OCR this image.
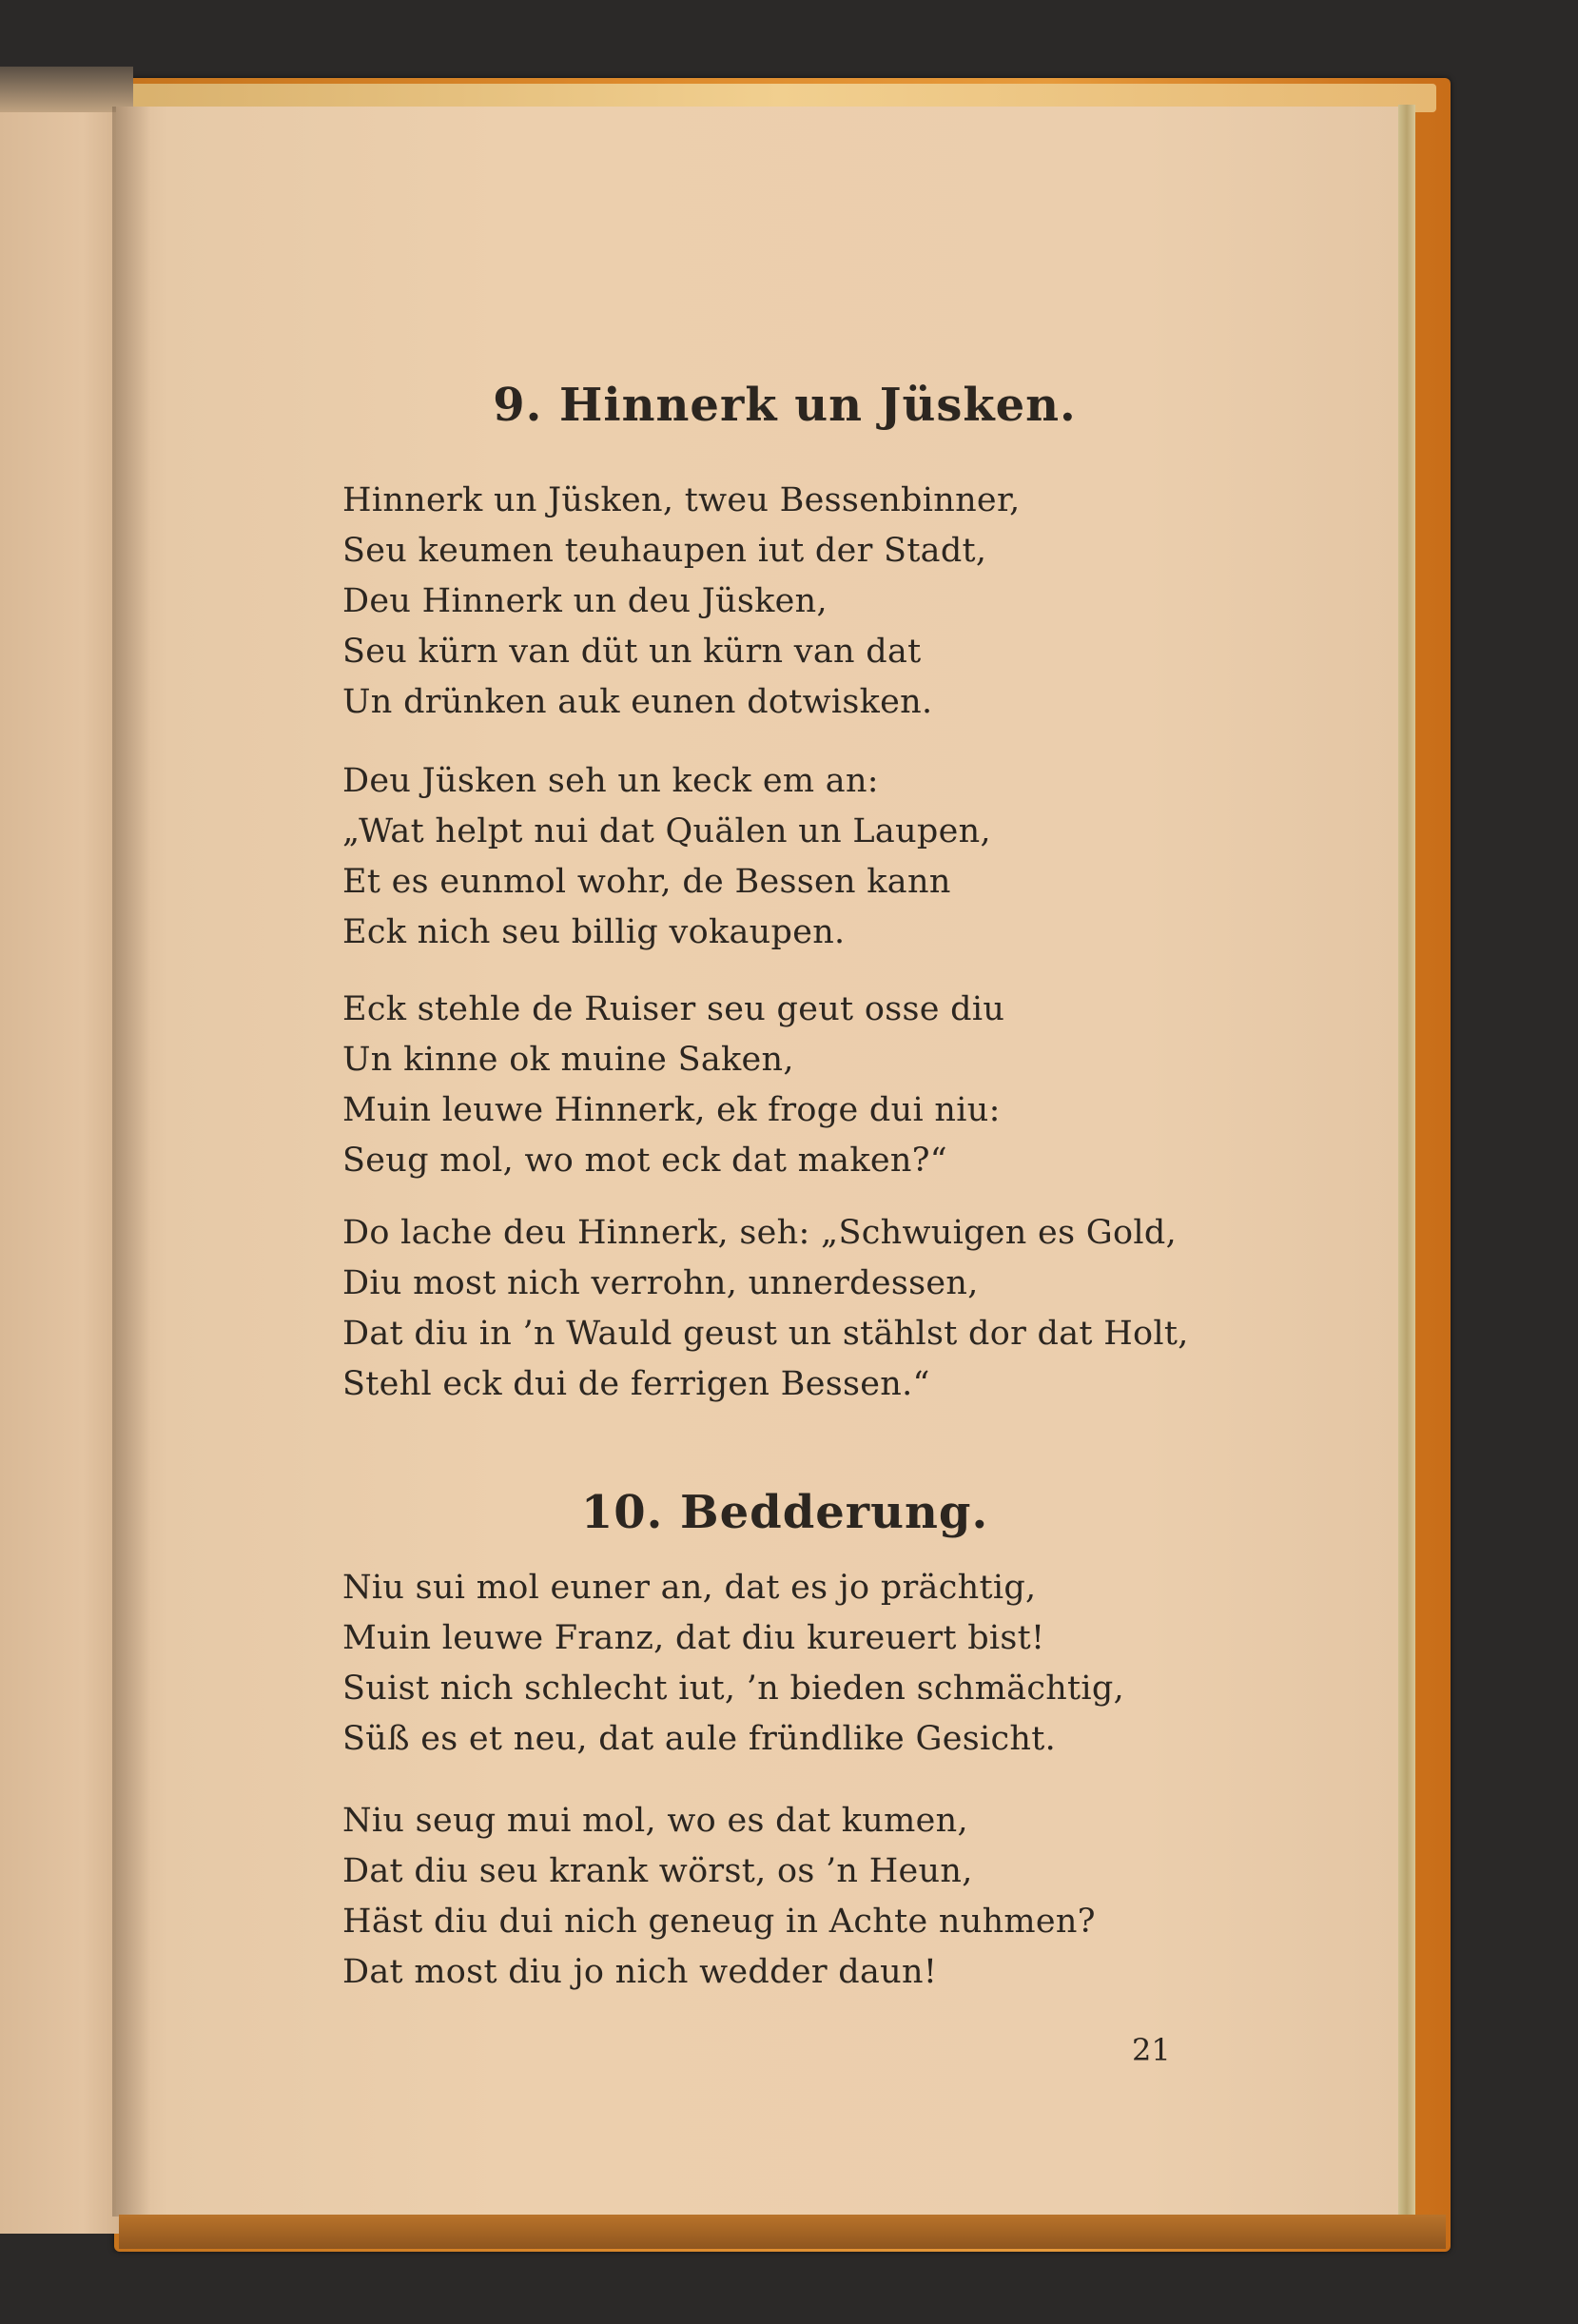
9. Hinnerk un Jüsken.
Hinnerk un Jüsken, tweu Bessenbinner,
Seu keumen teuhaupen iut der Stadt,
Deu Hinnerk un deu Jüsken,
Seu kürn van düt un kürn van dat
Un drünken auk eunen dotwisken.
Deu Jüsken seh un keck em an:
„Wat helpt nui dat Quälen un Laupen,
Et es eunmol wohr, de Bessen kann
Eck nich seu billig vokaupen.
Eck stehle de Ruiser seu geut osse diu
Un kinne ok muine Saken,
Muin leuwe Hinnerk, ek froge dui niu:
Seug mol, wo mot eck dat maken?“
Do lache deu Hinnerk, seh: „Schwuigen es Gold,
Diu most nich verrohn, unnerdessen,
Dat diu in ’n Wauld geust un stählst dor dat Holt,
Stehl eck dui de ferrigen Bessen.“
10. Bedderung.
Niu sui mol euner an, dat es jo prächtig,
Muin leuwe Franz, dat diu kureuert bist!
Suist nich schlecht iut, ’n bieden schmächtig,
Süß es et neu, dat aule fründlike Gesicht.
Niu seug mui mol, wo es dat kumen,
Dat diu seu krank wörst, os ’n Heun,
Häst diu dui nich geneug in Achte nuhmen?
Dat most diu jo nich wedder daun!
21
